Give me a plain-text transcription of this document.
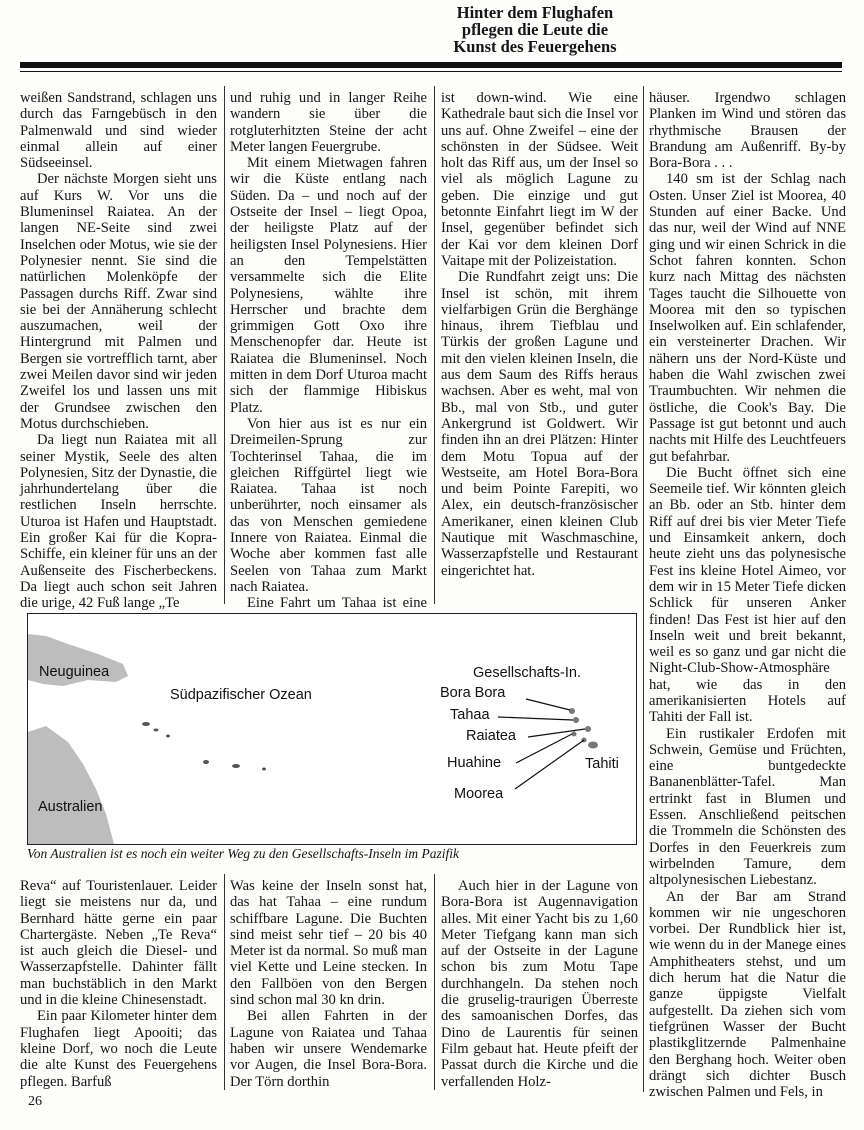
Hinter dem Flughafen
pflegen die Leute die
Kunst des Feuergehens

weißen Sandstrand, schlagen uns durch das Farngebüsch in den Palmenwald und sind wieder einmal allein auf einer Südseeinsel.

Der nächste Morgen sieht uns auf Kurs W. Vor uns die Blumeninsel Raiatea. An der langen NE-Seite sind zwei Inselchen oder Motus, wie sie der Polynesier nennt. Sie sind die natürlichen Molenköpfe der Passagen durchs Riff. Zwar sind sie bei der Annäherung schlecht auszumachen, weil der Hintergrund mit Palmen und Bergen sie vortrefflich tarnt, aber zwei Meilen davor sind wir jeden Zweifel los und lassen uns mit der Grundsee zwischen den Motus durchschieben.

Da liegt nun Raiatea mit all seiner Mystik, Seele des alten Polynesien, Sitz der Dynastie, die jahrhundertelang über die restlichen Inseln herrschte. Uturoa ist Hafen und Hauptstadt. Ein großer Kai für die Kopra-Schiffe, ein kleiner für uns an der Außenseite des Fischerbeckens. Da liegt auch schon seit Jahren die urige, 42 Fuß lange „Te

und ruhig und in langer Reihe wandern sie über die rotgluterhitzten Steine der acht Meter langen Feuergrube.

Mit einem Mietwagen fahren wir die Küste entlang nach Süden. Da – und noch auf der Ostseite der Insel – liegt Opoa, der heiligste Platz auf der heiligsten Insel Polynesiens. Hier an den Tempelstätten versammelte sich die Elite Polynesiens, wählte ihre Herrscher und brachte dem grimmigen Gott Oxo ihre Menschenopfer dar. Heute ist Raiatea die Blumeninsel. Noch mitten in dem Dorf Uturoa macht sich der flammige Hibiskus Platz.

Von hier aus ist es nur ein Dreimeilen-Sprung zur Tochterinsel Tahaa, die im gleichen Riffgürtel liegt wie Raiatea. Tahaa ist noch unberührter, noch einsamer als das von Menschen gemiedene Innere von Raiatea. Einmal die Woche aber kommen fast alle Seelen von Tahaa zum Markt nach Raiatea.

Eine Fahrt um Tahaa ist eine

ist down-wind. Wie eine Kathedrale baut sich die Insel vor uns auf. Ohne Zweifel – eine der schönsten in der Südsee. Weit holt das Riff aus, um der Insel so viel als möglich Lagune zu geben. Die einzige und gut betonnte Einfahrt liegt im W der Insel, gegenüber befindet sich der Kai vor dem kleinen Dorf Vaitape mit der Polizeistation.

Die Rundfahrt zeigt uns: Die Insel ist schön, mit ihrem vielfarbigen Grün die Berghänge hinaus, ihrem Tiefblau und Türkis der großen Lagune und mit den vielen kleinen Inseln, die aus dem Saum des Riffs heraus wachsen. Aber es weht, mal von Bb., mal von Stb., und guter Ankergrund ist Goldwert. Wir finden ihn an drei Plätzen: Hinter dem Motu Topua auf der Westseite, am Hotel Bora-Bora und beim Pointe Farepiti, wo Alex, ein deutsch-französischer Amerikaner, einen kleinen Club Nautique mit Waschmaschine, Wasserzapfstelle und Restaurant eingerichtet hat.

häuser. Irgendwo schlagen Planken im Wind und stören das rhythmische Brausen der Brandung am Außenriff. By-by Bora-Bora . . .

140 sm ist der Schlag nach Osten. Unser Ziel ist Moorea, 40 Stunden auf einer Backe. Und das nur, weil der Wind auf NNE ging und wir einen Schrick in die Schot fahren konnten. Schon kurz nach Mittag des nächsten Tages taucht die Silhouette von Moorea mit den so typischen Inselwolken auf. Ein schlafender, ein versteinerter Drachen. Wir nähern uns der Nord-Küste und haben die Wahl zwischen zwei Traumbuchten. Wir nehmen die östliche, die Cook's Bay. Die Passage ist gut betonnt und auch nachts mit Hilfe des Leuchtfeuers gut befahrbar.

Die Bucht öffnet sich eine Seemeile tief. Wir könnten gleich an Bb. oder an Stb. hinter dem Riff auf drei bis vier Meter Tiefe und Einsamkeit ankern, doch heute zieht uns das polynesische Fest ins kleine Hotel Aimeo, vor dem wir in 15 Meter Tiefe dicken Schlick für unseren Anker finden! Das Fest ist hier auf den Inseln weit und breit bekannt, weil es so ganz und gar nicht die Night-Club-Show-Atmosphäre hat, wie das in den amerikanisierten Hotels auf Tahiti der Fall ist.

Ein rustikaler Erdofen mit Schwein, Gemüse und Früchten, eine buntgedeckte Bananenblätter-Tafel. Man ertrinkt fast in Blumen und Essen. Anschließend peitschen die Trommeln die Schönsten des Dorfes in den Feuerkreis zum wirbelnden Tamure, dem altpolynesischen Liebestanz.

An der Bar am Strand kommen wir nie ungeschoren vorbei. Der Rundblick hier ist, wie wenn du in der Manege eines Amphitheaters stehst, und um dich herum hat die Natur die ganze üppigste Vielfalt aufgestellt. Da ziehen sich vom tiefgrünen Wasser der Bucht plastikglitzernde Palmenhaine den Berghang hoch. Weiter oben drängt sich dichter Busch zwischen Palmen und Fels, in

Neuguinea
Australien
Südpazifischer Ozean
Gesellschafts-In.
Bora Bora
Tahaa
Raiatea
Huahine
Moorea
Tahiti
Von Australien ist es noch ein weiter Weg zu den Gesellschafts-Inseln im Pazifik

Reva“ auf Touristenlauer. Leider liegt sie meistens nur da, und Bernhard hätte gerne ein paar Chartergäste. Neben „Te Reva“ ist auch gleich die Diesel- und Wasserzapfstelle. Dahinter fällt man buchstäblich in den Markt und in die kleine Chinesenstadt.

Ein paar Kilometer hinter dem Flughafen liegt Apooiti; das kleine Dorf, wo noch die Leute die alte Kunst des Feuergehens pflegen. Barfuß

Was keine der Inseln sonst hat, das hat Tahaa – eine rundum schiffbare Lagune. Die Buchten sind meist sehr tief – 20 bis 40 Meter ist da normal. So muß man viel Kette und Leine stecken. In den Fallböen von den Bergen sind schon mal 30 kn drin.

Bei allen Fahrten in der Lagune von Raiatea und Tahaa haben wir unsere Wendemarke vor Augen, die Insel Bora-Bora. Der Törn dorthin

Auch hier in der Lagune von Bora-Bora ist Augennavigation alles. Mit einer Yacht bis zu 1,60 Meter Tiefgang kann man sich auf der Ostseite in der Lagune schon bis zum Motu Tape durchhangeln. Da stehen noch die gruselig-traurigen Überreste des samoanischen Dorfes, das Dino de Laurentis für seinen Film gebaut hat. Heute pfeift der Passat durch die Kirche und die verfallenden Holz-

26
